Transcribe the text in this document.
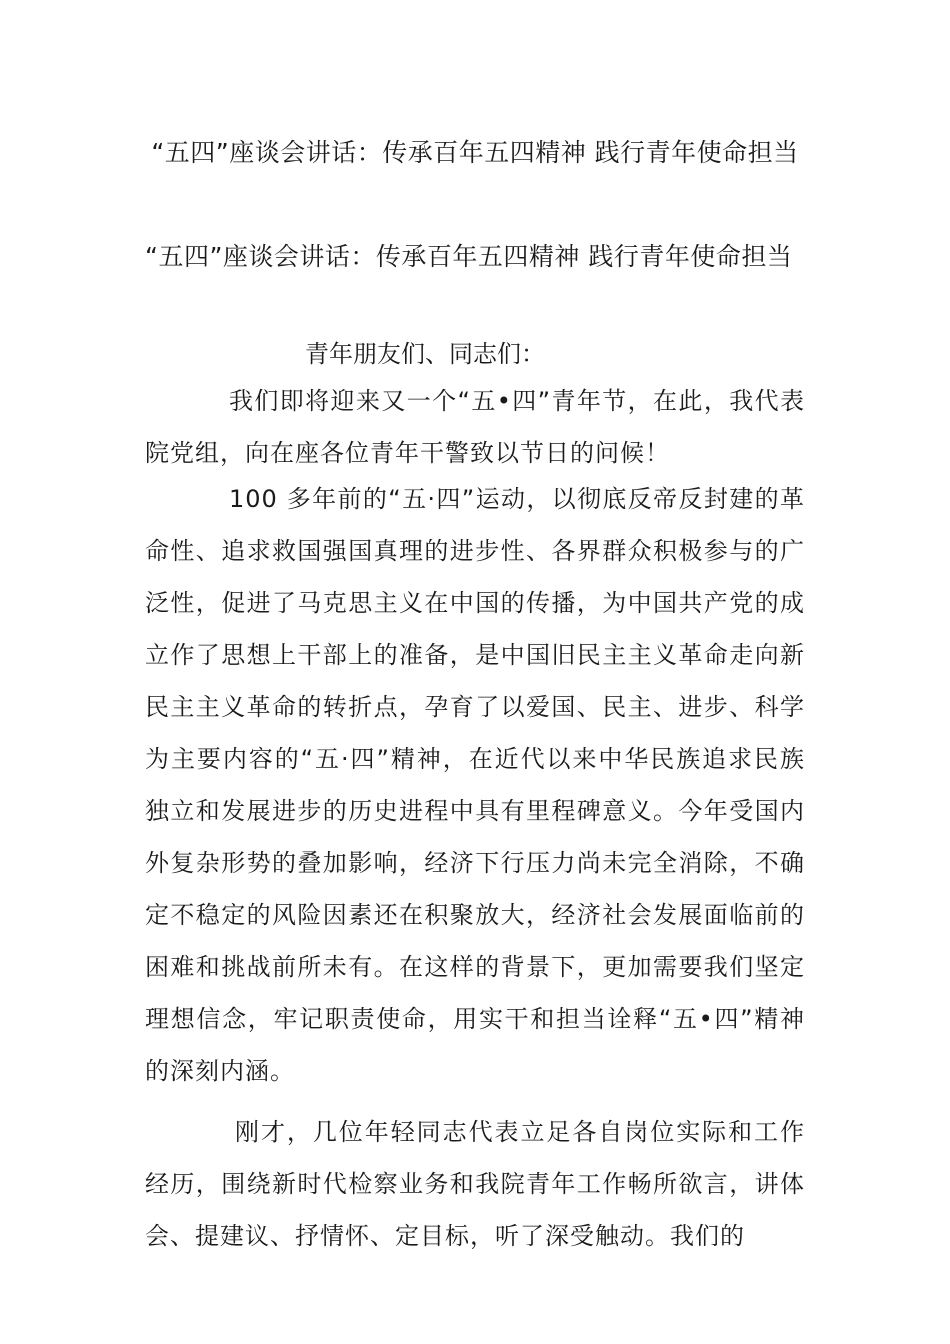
“五四”座谈会讲话：传承百年五四精神 践行青年使命担当
“五四”座谈会讲话：传承百年五四精神 践行青年使命担当
青年朋友们、同志们：

我们即将迎来又一个“五•四”青年节，在此，我代表院党组，向在座各位青年干警致以节日的问候！

100 多年前的“五·四”运动，以彻底反帝反封建的革命性、追求救国强国真理的进步性、各界群众积极参与的广泛性，促进了马克思主义在中国的传播，为中国共产党的成立作了思想上干部上的准备，是中国旧民主主义革命走向新民主主义革命的转折点，孕育了以爱国、民主、进步、科学为主要内容的“五·四”精神，在近代以来中华民族追求民族独立和发展进步的历史进程中具有里程碑意义。今年受国内外复杂形势的叠加影响，经济下行压力尚未完全消除，不确定不稳定的风险因素还在积聚放大，经济社会发展面临前的困难和挑战前所未有。在这样的背景下，更加需要我们坚定理想信念，牢记职责使命，用实干和担当诠释“五•四”精神的深刻内涵。

刚才，几位年轻同志代表立足各自岗位实际和工作经历，围绕新时代检察业务和我院青年工作畅所欲言，讲体会、提建议、抒情怀、定目标，听了深受触动。我们的
